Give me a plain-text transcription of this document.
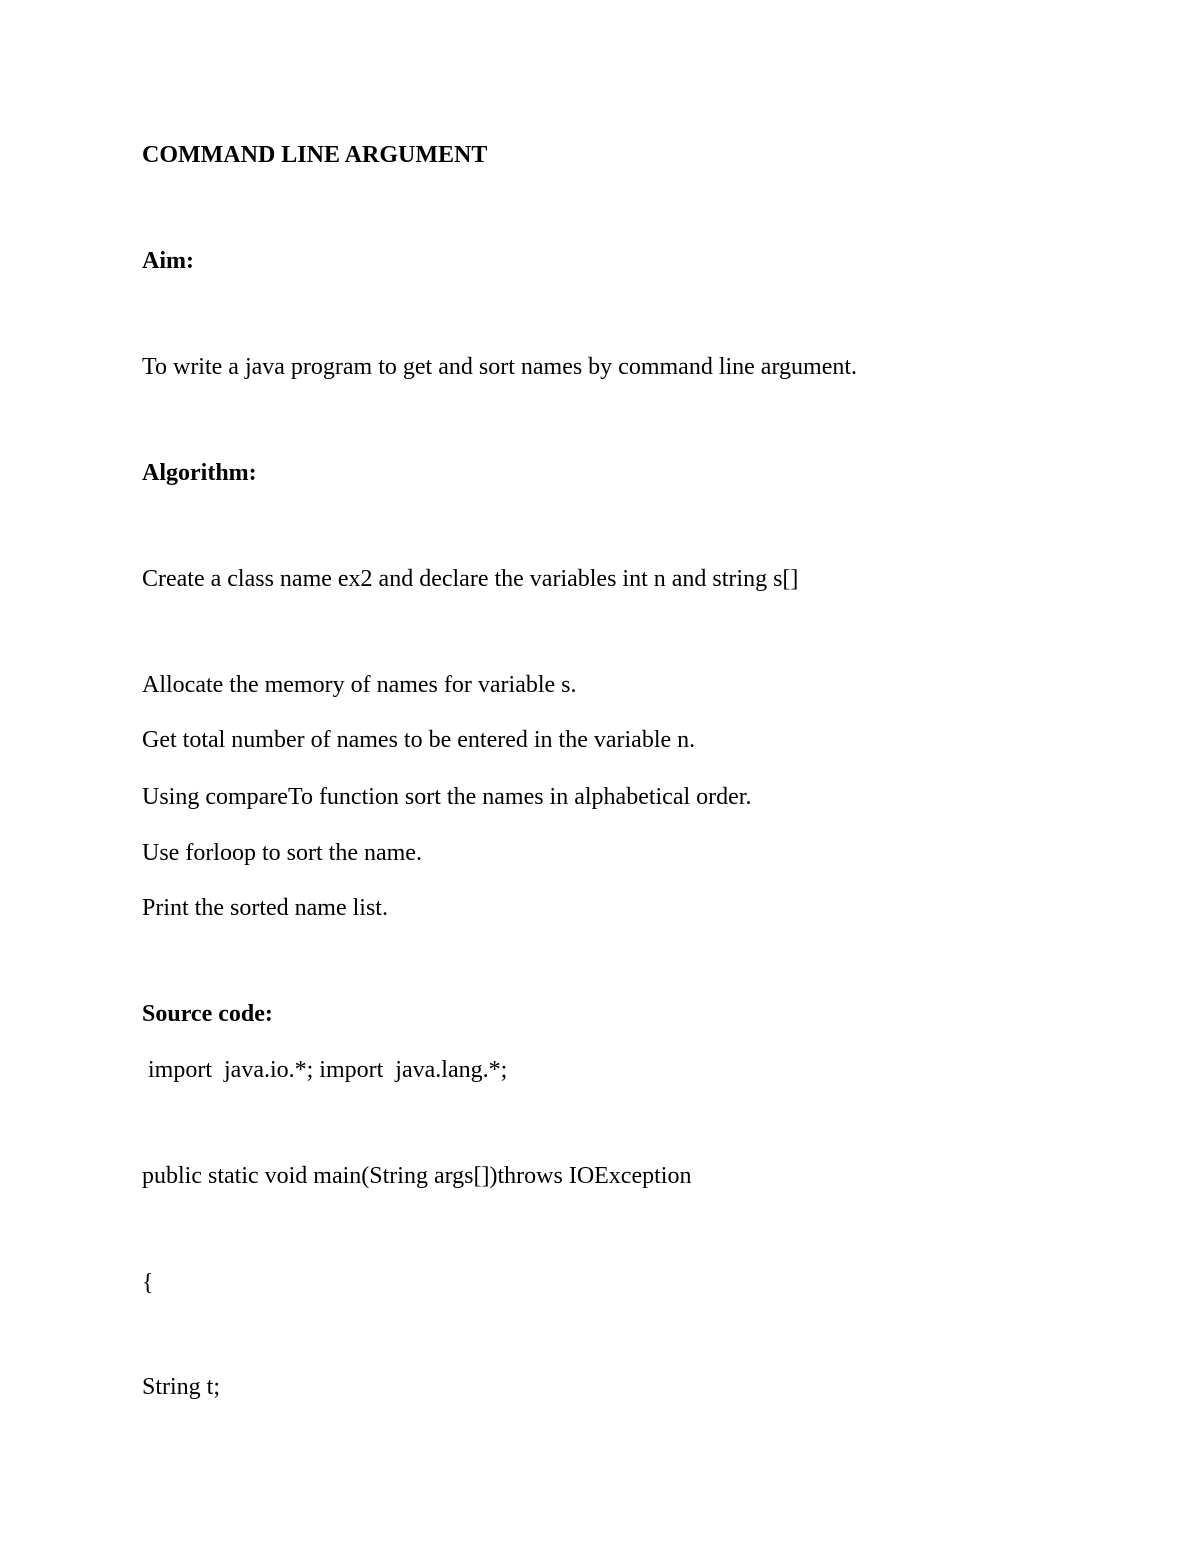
COMMAND LINE ARGUMENT

Aim:

To write a java program to get and sort names by command line argument.

Algorithm:

Create a class name ex2 and declare the variables int n and string s[]

Allocate the memory of names for variable s.

Get total number of names to be entered in the variable n.

Using compareTo function sort the names in alphabetical order.

Use forloop to sort the name.

Print the sorted name list.

Source code:

import  java.io.*; import  java.lang.*;

public static void main(String args[])throws IOException

{

String t;
